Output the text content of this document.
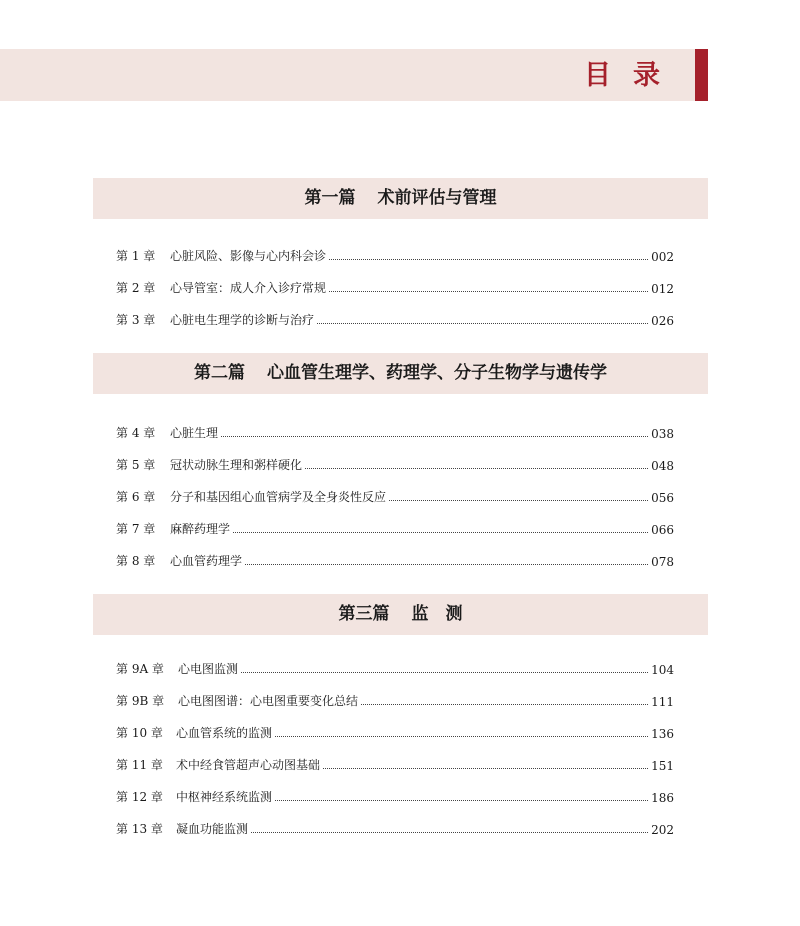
目录
第一篇 术前评估与管理
第 1 章	心脏风险、影像与心内科会诊	002
第 2 章	心导管室：成人介入诊疗常规	012
第 3 章	心脏电生理学的诊断与治疗	026
第二篇 心血管生理学、药理学、分子生物学与遗传学
第 4 章	心脏生理	038
第 5 章	冠状动脉生理和粥样硬化	048
第 6 章	分子和基因组心血管病学及全身炎性反应	056
第 7 章	麻醉药理学	066
第 8 章	心血管药理学	078
第三篇 监　测
第 9A 章	心电图监测	104
第 9B 章	心电图图谱：心电图重要变化总结	111
第 10 章	心血管系统的监测	136
第 11 章	术中经食管超声心动图基础	151
第 12 章	中枢神经系统监测	186
第 13 章	凝血功能监测	202
